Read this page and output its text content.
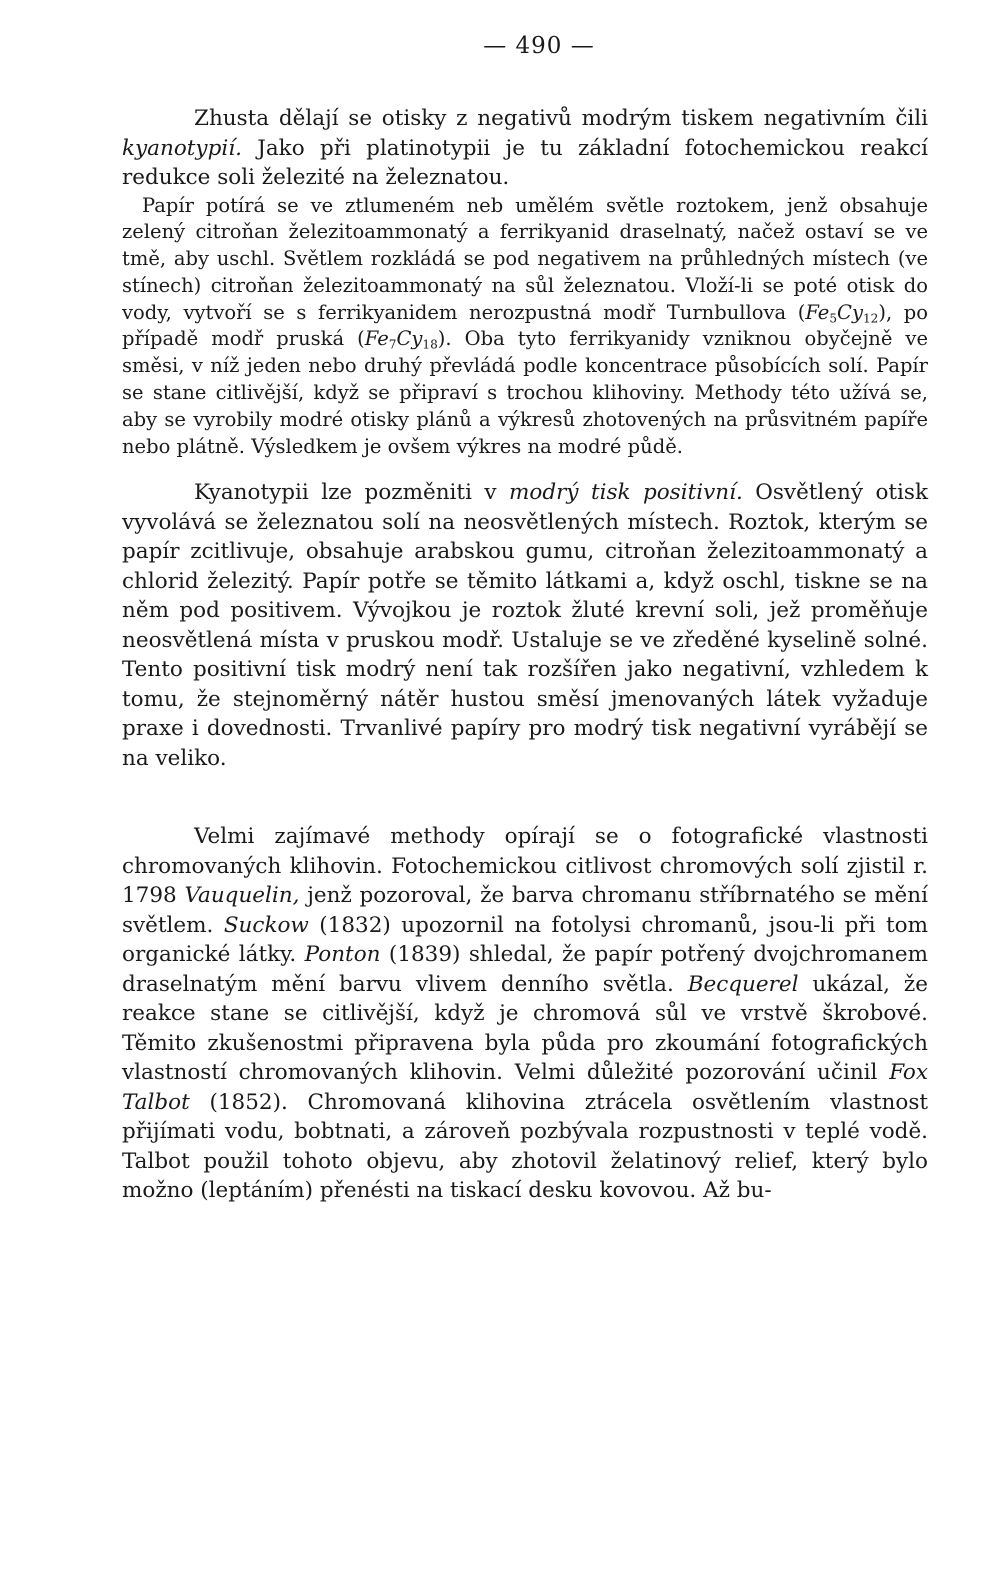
— 490 —

Zhusta dělají se otisky z negativů modrým tiskem negativním čili kyanotypií. Jako při platinotypii je tu základní fotochemickou reakcí redukce soli železité na železnatou.

Papír potírá se ve ztlumeném neb umělém světle roztokem, jenž obsahuje zelený citroňan železitoammonatý a ferrikyanid draselnatý, načež ostaví se ve tmě, aby uschl. Světlem rozkládá se pod negativem na průhledných místech (ve stínech) citroňan železitoammonatý na sůl železnatou. Vloží-li se poté otisk do vody, vytvoří se s ferrikyanidem nerozpustná modř Turnbullova $(Fe_5Cy_{12})$, po případě modř pruská $(Fe_7Cy_{18})$. Oba tyto ferrikyanidy vzniknou obyčejně ve směsi, v níž jeden nebo druhý převládá podle koncentrace působících solí. Papír se stane citlivější, když se připraví s trochou klihoviny. Methody této užívá se, aby se vyrobily modré otisky plánů a výkresů zhotovených na průsvitném papíře nebo plátně. Výsledkem je ovšem výkres na modré půdě.

Kyanotypii lze pozměniti v modrý tisk positivní. Osvětlený otisk vyvolává se železnatou solí na neosvětlených místech. Roztok, kterým se papír zcitlivuje, obsahuje arabskou gumu, citroňan železitoammonatý a chlorid železitý. Papír potře se těmito látkami a, když oschl, tiskne se na něm pod positivem. Vývojkou je roztok žluté krevní soli, jež proměňuje neosvětlená místa v pruskou modř. Ustaluje se ve zředěné kyselině solné. Tento positivní tisk modrý není tak rozšířen jako negativní, vzhledem k tomu, že stejnoměrný nátěr hustou směsí jmenovaných látek vyžaduje praxe i dovednosti. Trvanlivé papíry pro modrý tisk negativní vyrábějí se na veliko.

Velmi zajímavé methody opírají se o fotografické vlastnosti chromovaných klihovin. Fotochemickou citlivost chromových solí zjistil r. 1798 Vauquelin, jenž pozoroval, že barva chromanu stříbrnatého se mění světlem. Suckow (1832) upozornil na fotolysi chromanů, jsou-li při tom organické látky. Ponton (1839) shledal, že papír potřený dvojchromanem draselnatým mění barvu vlivem denního světla. Becquerel ukázal, že reakce stane se citlivější, když je chromová sůl ve vrstvě škrobové. Těmito zkušenostmi připravena byla půda pro zkoumání fotografických vlastností chromovaných klihovin. Velmi důležité pozorování učinil Fox Talbot (1852). Chromovaná klihovina ztrácela osvětlením vlastnost přijímati vodu, bobtnati, a zároveň pozbývala rozpustnosti v teplé vodě. Talbot použil tohoto objevu, aby zhotovil želatinový relief, který bylo možno (leptáním) přenésti na tiskací desku kovovou. Až bu-
